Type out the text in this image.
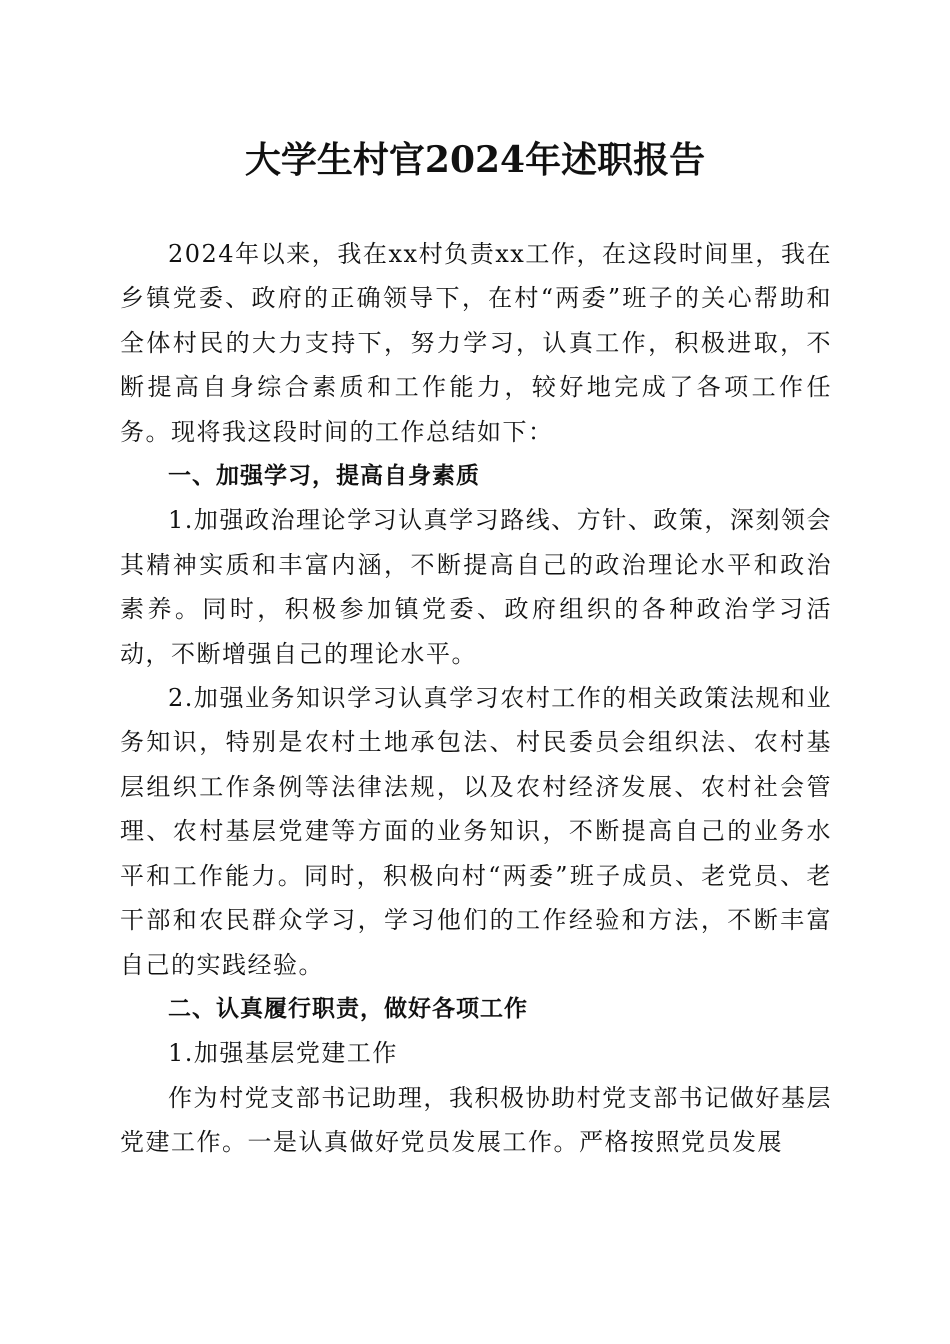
大学生村官2024年述职报告

2024年以来，我在xx村负责xx工作，在这段时间里，我在乡镇党委、政府的正确领导下，在村“两委”班子的关心帮助和全体村民的大力支持下，努力学习，认真工作，积极进取，不断提高自身综合素质和工作能力，较好地完成了各项工作任务。现将我这段时间的工作总结如下：

一、加强学习，提高自身素质

1.加强政治理论学习认真学习路线、方针、政策，深刻领会其精神实质和丰富内涵，不断提高自己的政治理论水平和政治素养。同时，积极参加镇党委、政府组织的各种政治学习活动，不断增强自己的理论水平。

2.加强业务知识学习认真学习农村工作的相关政策法规和业务知识，特别是农村土地承包法、村民委员会组织法、农村基层组织工作条例等法律法规，以及农村经济发展、农村社会管理、农村基层党建等方面的业务知识，不断提高自己的业务水平和工作能力。同时，积极向村“两委”班子成员、老党员、老干部和农民群众学习，学习他们的工作经验和方法，不断丰富自己的实践经验。

二、认真履行职责，做好各项工作

1.加强基层党建工作

作为村党支部书记助理，我积极协助村党支部书记做好基层党建工作。一是认真做好党员发展工作。严格按照党员发展
